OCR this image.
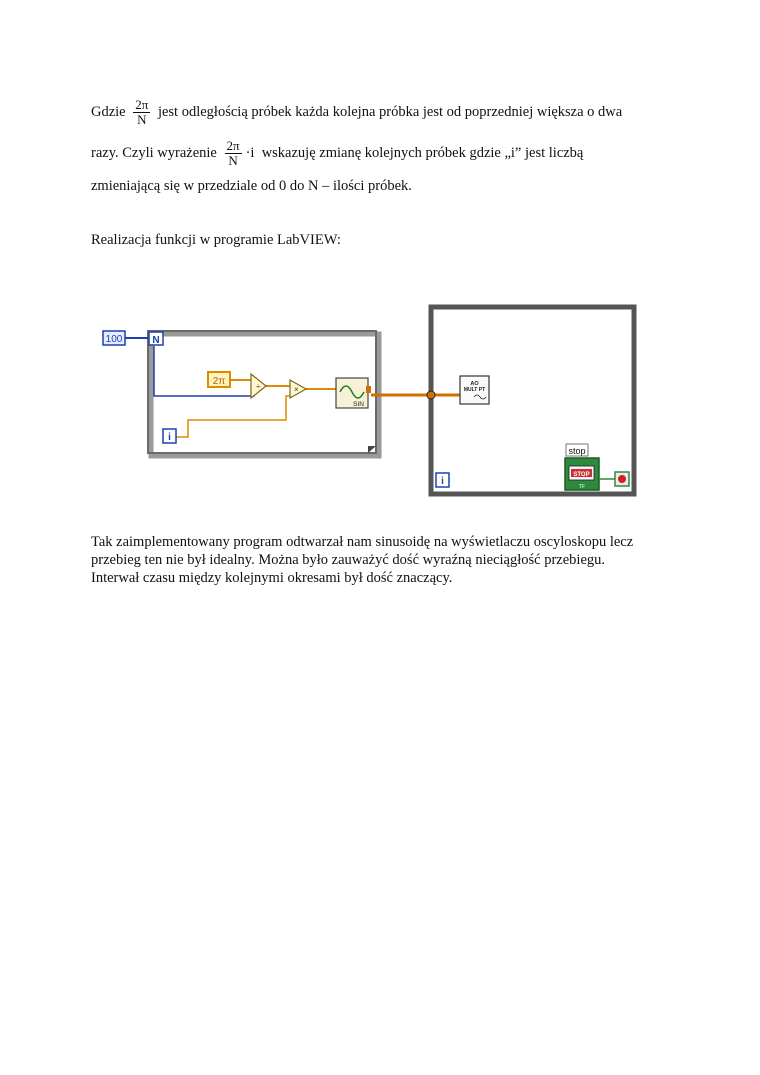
Gdzie $\frac{2\pi}{N}$ jest odległością próbek każda kolejna próbka jest od poprzedniej większa o dwa
razy. Czyli wyrażenie $\frac{2\pi}{N} \cdot i$ wskazuję zmianę kolejnych próbek gdzie „i” jest liczbą
zmieniającą się w przedziale od 0 do N – ilości próbek.
Realizacja funkcji w programie LabVIEW:
100	N
2π	÷	×
i
SIN
AO
MULT PT
i
stop
STOP
TF
Tak zaimplementowany program odtwarzał nam sinusoidę na wyświetlaczu oscyloskopu lecz
przebieg ten nie był idealny. Można było zauważyć dość wyraźną nieciągłość przebiegu.
Interwał czasu między kolejnymi okresami był dość znaczący.
